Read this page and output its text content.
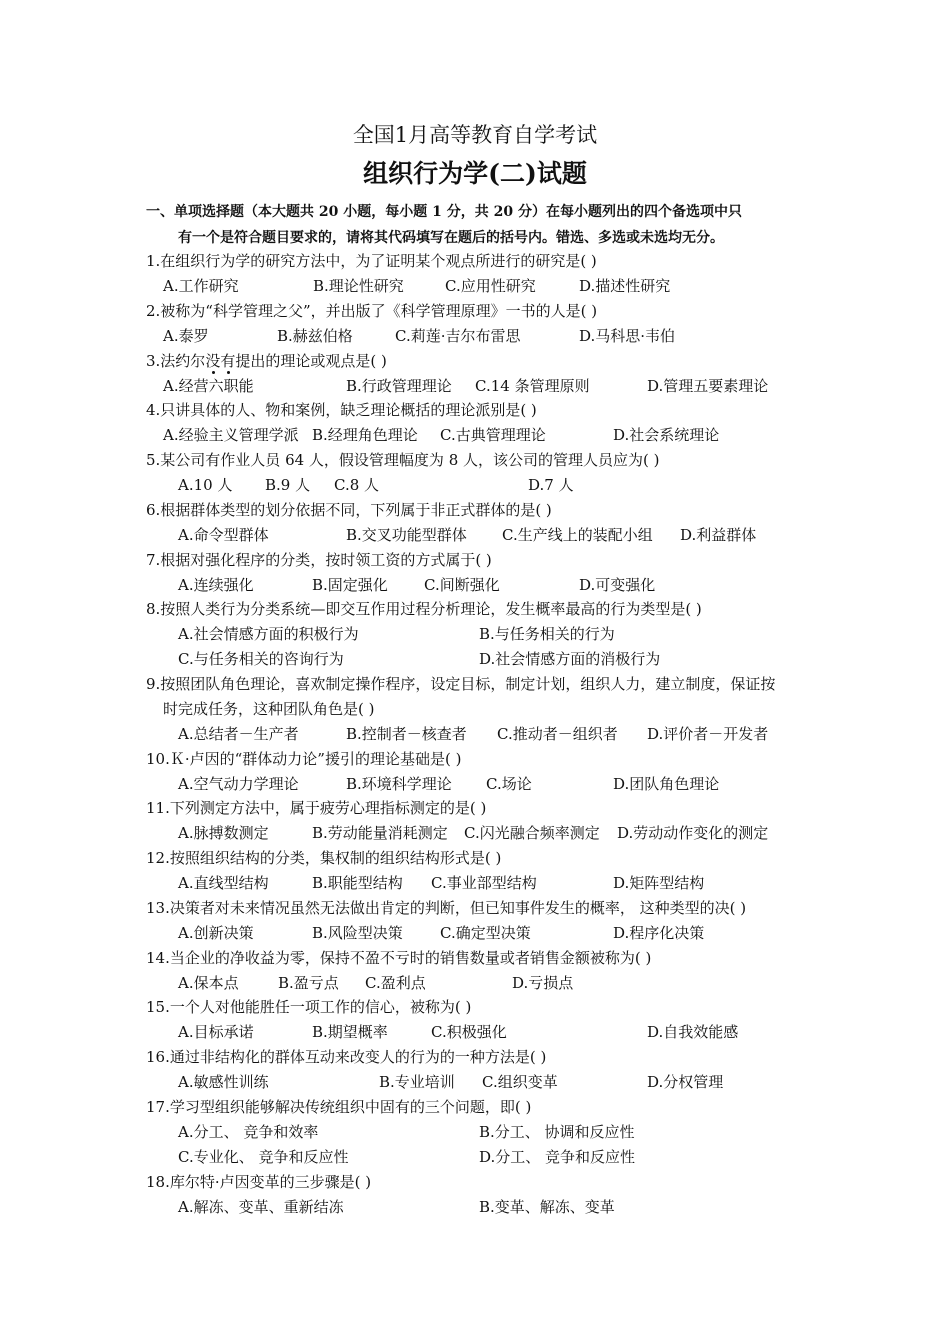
全国1月高等教育自学考试
组织行为学(二)试题
一、单项选择题（本大题共 20 小题，每小题 1 分，共 20 分）在每小题列出的四个备选项中只
有一个是符合题目要求的，请将其代码填写在题后的括号内。错选、多选或未选均无分。
1.在组织行为学的研究方法中，为了证明某个观点所进行的研究是( )
A.工作研究	B.理论性研究	C.应用性研究	D.描述性研究
2.被称为“科学管理之父”，并出版了《科学管理原理》一书的人是( )
A.泰罗	B.赫兹伯格	C.莉莲·吉尔布雷思	D.马科思·韦伯
3.法约尔没有提出的理论或观点是( )
A.经营六职能	B.行政管理理论 C.14 条管理原则	D.管理五要素理论
4.只讲具体的人、物和案例，缺乏理论概括的理论派别是( )
A.经验主义管理学派 B.经理角色理论 C.古典管理理论	D.社会系统理论
5.某公司有作业人员 64 人，假设管理幅度为 8 人，该公司的管理人员应为( )
A.10 人 B.9 人 C.8 人	D.7 人
6.根据群体类型的划分依据不同，下列属于非正式群体的是( )
A.命令型群体	B.交叉功能型群体 C.生产线上的装配小组 D.利益群体
7.根据对强化程序的分类，按时领工资的方式属于( )
A.连续强化	B.固定强化 C.间断强化	D.可变强化
8.按照人类行为分类系统—即交互作用过程分析理论，发生概率最高的行为类型是( )
A.社会情感方面的积极行为	B.与任务相关的行为
C.与任务相关的咨询行为	D.社会情感方面的消极行为
9.按照团队角色理论，喜欢制定操作程序，设定目标，制定计划，组织人力，建立制度，保证按
时完成任务，这种团队角色是( )
A.总结者－生产者	B.控制者－核查者 C.推动者－组织者 D.评价者－开发者
10.Ｋ·卢因的“群体动力论”援引的理论基础是( )
A.空气动力学理论	B.环境科学理论 C.场论	D.团队角色理论
11.下列测定方法中，属于疲劳心理指标测定的是( )
A.脉搏数测定	B.劳动能量消耗测定 C.闪光融合频率测定 D.劳动动作变化的测定
12.按照组织结构的分类，集权制的组织结构形式是( )
A.直线型结构	B.职能型结构 C.事业部型结构	D.矩阵型结构
13.决策者对未来情况虽然无法做出肯定的判断，但已知事件发生的概率， 这种类型的决( )
A.创新决策	B.风险型决策 C.确定型决策	D.程序化决策
14.当企业的净收益为零，保持不盈不亏时的销售数量或者销售金额被称为( )
A.保本点	B.盈亏点 C.盈利点	D.亏损点
15.一个人对他能胜任一项工作的信心，被称为( )
A.目标承诺	B.期望概率	C.积极强化	D.自我效能感
16.通过非结构化的群体互动来改变人的行为的一种方法是( )
A.敏感性训练	B.专业培训 C.组织变革	D.分权管理
17.学习型组织能够解决传统组织中固有的三个问题，即( )
A.分工、 竞争和效率	B.分工、 协调和反应性
C.专业化、 竞争和反应性	D.分工、 竞争和反应性
18.库尔特·卢因变革的三步骤是( )
A.解冻、变革、重新结冻	B.变革、解冻、变革
